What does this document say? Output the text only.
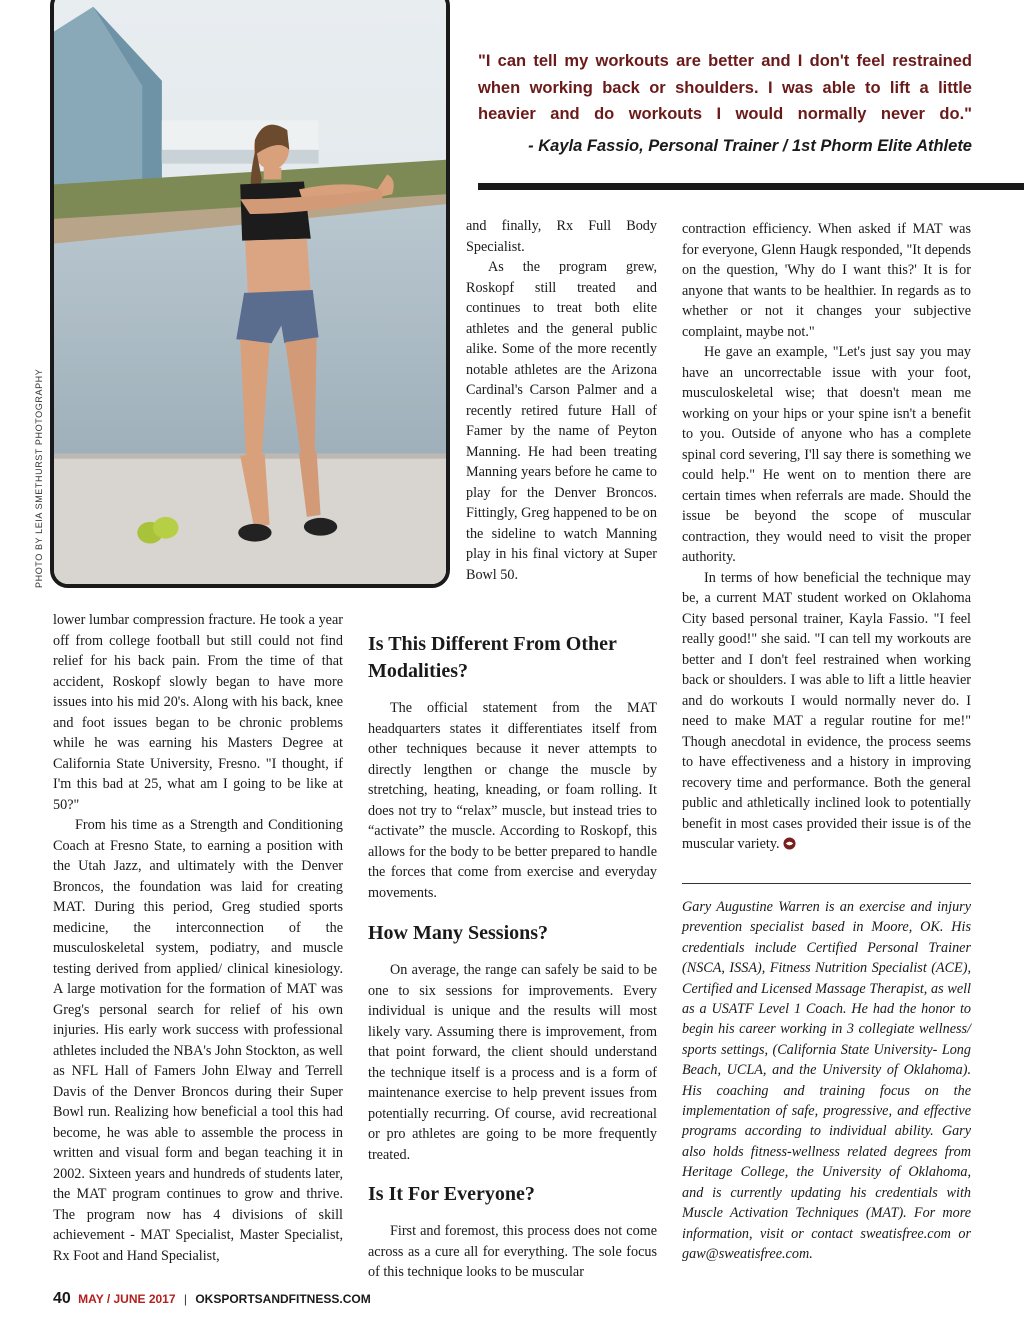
PHOTO BY LEIA SMETHURST PHOTOGRAPHY
"I can tell my workouts are better and I don't feel restrained when working back or shoulders. I was able to lift a little heavier and do workouts I would normally never do."
- Kayla Fassio, Personal Trainer / 1st Phorm Elite Athlete

lower lumbar compression fracture. He took a year off from college football but still could not find relief for his back pain. From the time of that accident, Roskopf slowly began to have more issues into his mid 20's. Along with his back, knee and foot issues began to be chronic problems while he was earning his Masters Degree at California State University, Fresno. "I thought, if I'm this bad at 25, what am I going to be like at 50?"

From his time as a Strength and Conditioning Coach at Fresno State, to earning a position with the Utah Jazz, and ultimately with the Denver Broncos, the foundation was laid for creating MAT. During this period, Greg studied sports medicine, the interconnection of the musculoskeletal system, podiatry, and muscle testing derived from applied/ clinical kinesiology. A large motivation for the formation of MAT was Greg's personal search for relief of his own injuries. His early work success with professional athletes included the NBA's John Stockton, as well as NFL Hall of Famers John Elway and Terrell Davis of the Denver Broncos during their Super Bowl run. Realizing how beneficial a tool this had become, he was able to assemble the process in written and visual form and began teaching it in 2002. Sixteen years and hundreds of students later, the MAT program continues to grow and thrive. The program now has 4 divisions of skill achievement - MAT Specialist, Master Specialist, Rx Foot and Hand Specialist,

and finally, Rx Full Body Specialist.

As the program grew, Roskopf still treated and continues to treat both elite athletes and the general public alike. Some of the more recently notable athletes are the Arizona Cardinal's Carson Palmer and a recently retired future Hall of Famer by the name of Peyton Manning. He had been treating Manning years before he came to play for the Denver Broncos. Fittingly, Greg happened to be on the sideline to watch Manning play in his final victory at Super Bowl 50.

Is This Different From Other Modalities?

The official statement from the MAT headquarters states it differentiates itself from other techniques because it never attempts to directly lengthen or change the muscle by stretching, heating, kneading, or foam rolling. It does not try to “relax” muscle, but instead tries to “activate” the muscle. According to Roskopf, this allows for the body to be better prepared to handle the forces that come from exercise and everyday movements.

How Many Sessions?

On average, the range can safely be said to be one to six sessions for improvements. Every individual is unique and the results will most likely vary. Assuming there is improvement, from that point forward, the client should understand the technique itself is a process and is a form of maintenance exercise to help prevent issues from potentially recurring. Of course, avid recreational or pro athletes are going to be more frequently treated.

Is It For Everyone?

First and foremost, this process does not come across as a cure all for everything. The sole focus of this technique looks to be muscular

contraction efficiency. When asked if MAT was for everyone, Glenn Haugk responded, "It depends on the question, 'Why do I want this?' It is for anyone that wants to be healthier. In regards as to whether or not it changes your subjective complaint, maybe not."

He gave an example, "Let's just say you may have an uncorrectable issue with your foot, musculoskeletal wise; that doesn't mean me working on your hips or your spine isn't a benefit to you. Outside of anyone who has a complete spinal cord severing, I'll say there is something we could help." He went on to mention there are certain times when referrals are made. Should the issue be beyond the scope of muscular contraction, they would need to visit the proper authority.

In terms of how beneficial the technique may be, a current MAT student worked on Oklahoma City based personal trainer, Kayla Fassio. "I feel really good!" she said. "I can tell my workouts are better and I don't feel restrained when working back or shoulders. I was able to lift a little heavier and do workouts I would normally never do. I need to make MAT a regular routine for me!" Though anecdotal in evidence, the process seems to have effectiveness and a history in improving recovery time and performance. Both the general public and athletically inclined look to potentially benefit in most cases provided their issue is of the muscular variety.

Gary Augustine Warren is an exercise and injury prevention specialist based in Moore, OK. His credentials include Certified Personal Trainer (NSCA, ISSA), Fitness Nutrition Specialist (ACE), Certified and Licensed Massage Therapist, as well as a USATF Level 1 Coach. He had the honor to begin his career working in 3 collegiate wellness/ sports settings, (California State University- Long Beach, UCLA, and the University of Oklahoma). His coaching and training focus on the implementation of safe, progressive, and effective programs according to individual ability. Gary also holds fitness-wellness related degrees from Heritage College, the University of Oklahoma, and is currently updating his credentials with Muscle Activation Techniques (MAT). For more information, visit or contact sweatisfree.com or gaw@sweatisfree.com.
40 MAY / JUNE 2017 | OKSPORTSANDFITNESS.COM
